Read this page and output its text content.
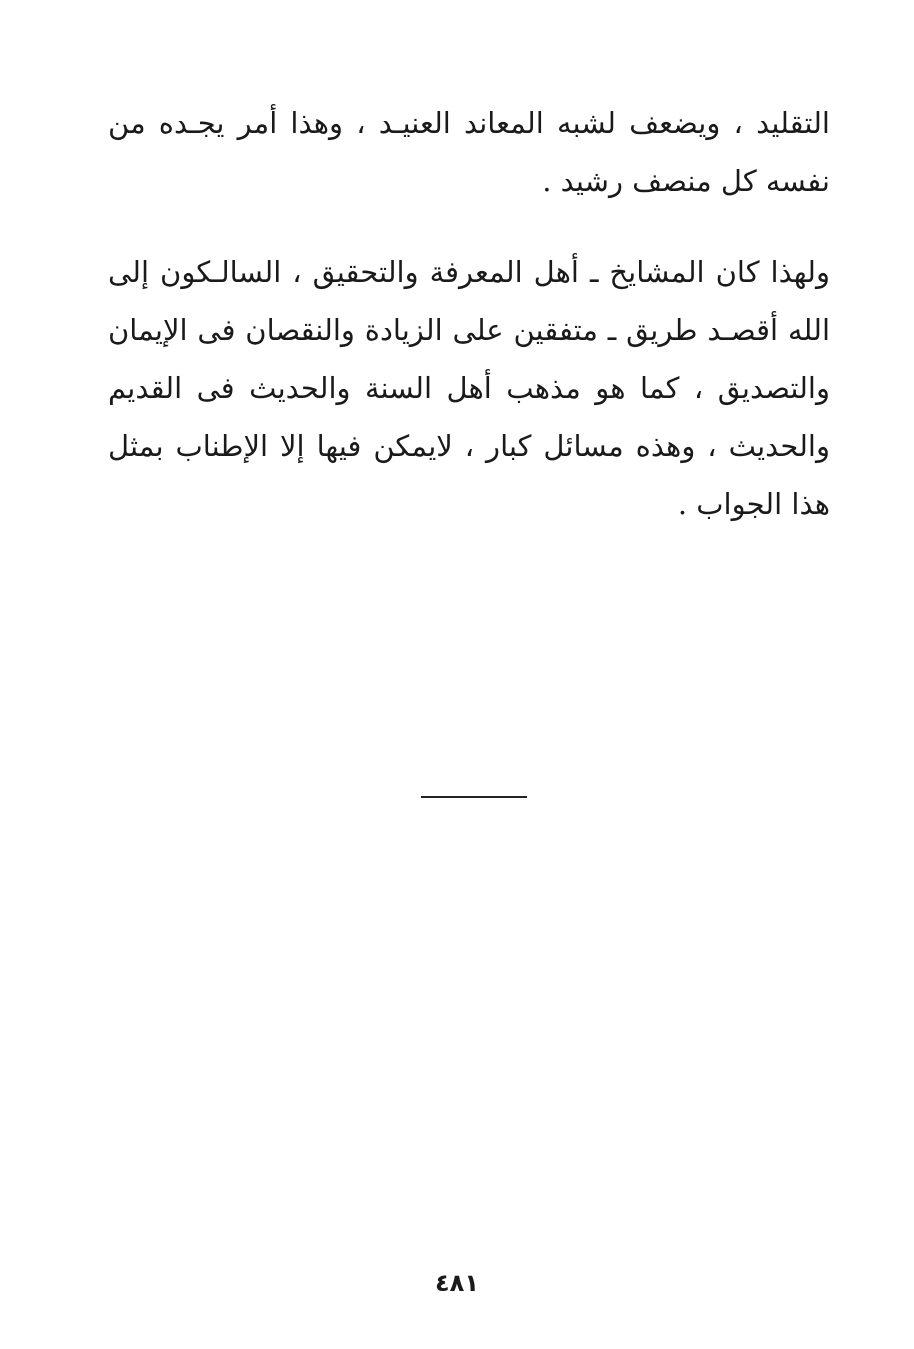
التقليد ، ويضعف لشبه المعاند العنيـد ، وهذا أمر يجـده من نفسه كل منصف رشيد .

ولهذا كان المشايخ ـ أهل المعرفة والتحقيق ، السالـكون إلى الله أقصـد طريق ـ متفقين على الزيادة والنقصان فى الإيمان والتصديق ، كما هو مذهب أهل السنة والحديث فى القديم والحديث ، وهذه مسائل كبار ، لايمكن فيها إلا الإطناب بمثل هذا الجواب .

٤٨١
